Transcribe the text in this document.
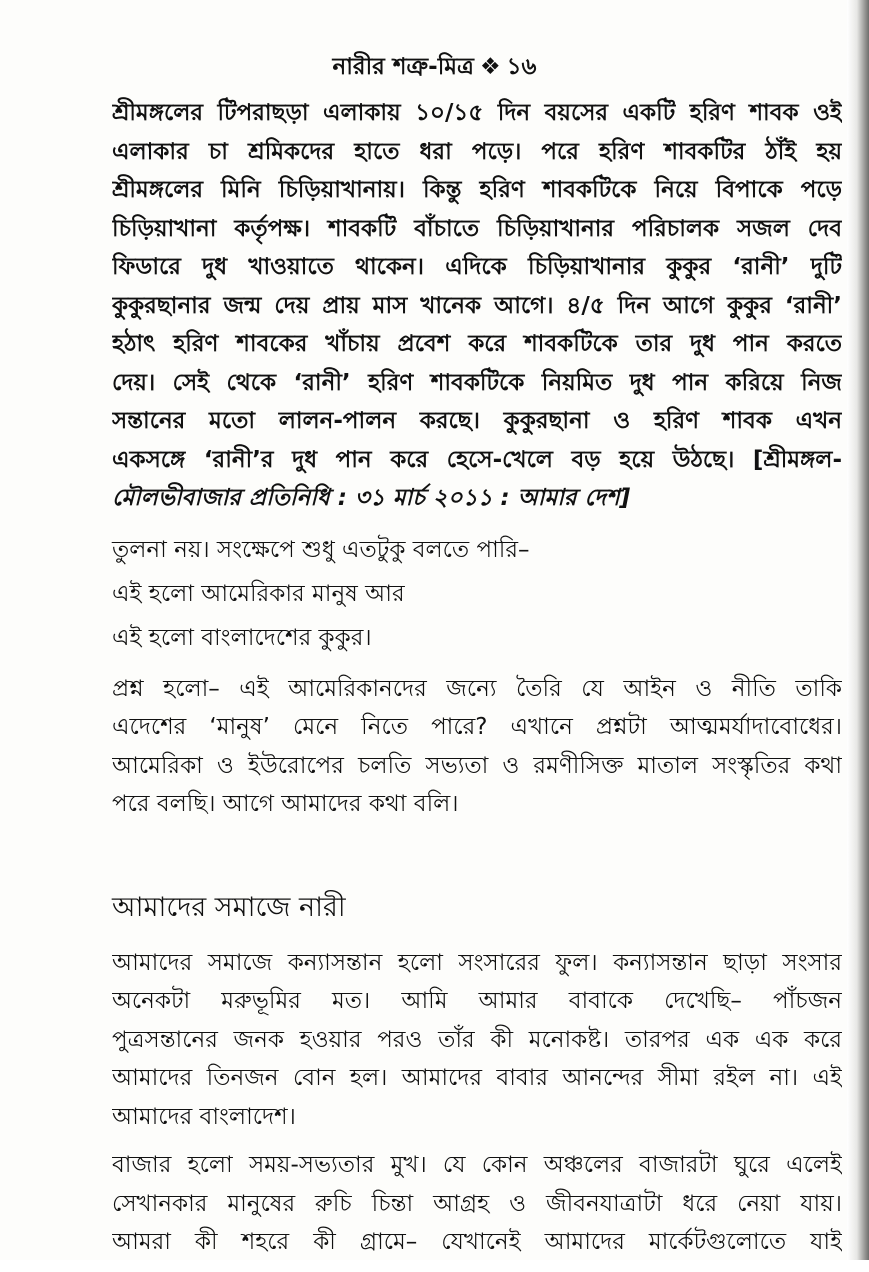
নারীর শত্রু-মিত্র ❖ ১৬
শ্রীমঙ্গলের টিপরাছড়া এলাকায় ১০/১৫ দিন বয়সের একটি হরিণ শাবক ওই
এলাকার চা শ্রমিকদের হাতে ধরা পড়ে। পরে হরিণ শাবকটির ঠাঁই হয়
শ্রীমঙ্গলের মিনি চিড়িয়াখানায়। কিন্তু হরিণ শাবকটিকে নিয়ে বিপাকে পড়ে
চিড়িয়াখানা কর্তৃপক্ষ। শাবকটি বাঁচাতে চিড়িয়াখানার পরিচালক সজল দেব
ফিডারে দুধ খাওয়াতে থাকেন। এদিকে চিড়িয়াখানার কুকুর ‘রানী’ দুটি
কুকুরছানার জন্ম দেয় প্রায় মাস খানেক আগে। ৪/৫ দিন আগে কুকুর ‘রানী’
হঠাৎ হরিণ শাবকের খাঁচায় প্রবেশ করে শাবকটিকে তার দুধ পান করতে
দেয়। সেই থেকে ‘রানী’ হরিণ শাবকটিকে নিয়মিত দুধ পান করিয়ে নিজ
সন্তানের মতো লালন-পালন করছে। কুকুরছানা ও হরিণ শাবক এখন
একসঙ্গে ‘রানী’র দুধ পান করে হেসে-খেলে বড় হয়ে উঠছে। [শ্রীমঙ্গল-
মৌলভীবাজার প্রতিনিধি : ৩১ মার্চ ২০১১ : আমার দেশ]
তুলনা নয়। সংক্ষেপে শুধু এতটুকু বলতে পারি–
এই হলো আমেরিকার মানুষ আর
এই হলো বাংলাদেশের কুকুর।
প্রশ্ন হলো– এই আমেরিকানদের জন্যে তৈরি যে আইন ও নীতি তাকি
এদেশের ‘মানুষ’ মেনে নিতে পারে? এখানে প্রশ্নটা আত্মমর্যাদাবোধের।
আমেরিকা ও ইউরোপের চলতি সভ্যতা ও রমণীসিক্ত মাতাল সংস্কৃতির কথা
পরে বলছি। আগে আমাদের কথা বলি।
আমাদের সমাজে নারী
আমাদের সমাজে কন্যাসন্তান হলো সংসারের ফুল। কন্যাসন্তান ছাড়া সংসার
অনেকটা মরুভূমির মত। আমি আমার বাবাকে দেখেছি– পাঁচজন
পুত্রসন্তানের জনক হওয়ার পরও তাঁর কী মনোকষ্ট। তারপর এক এক করে
আমাদের তিনজন বোন হল। আমাদের বাবার আনন্দের সীমা রইল না। এই
আমাদের বাংলাদেশ।
বাজার হলো সময়-সভ্যতার মুখ। যে কোন অঞ্চলের বাজারটা ঘুরে এলেই
সেখানকার মানুষের রুচি চিন্তা আগ্রহ ও জীবনযাত্রাটা ধরে নেয়া যায়।
আমরা কী শহরে কী গ্রামে– যেখানেই আমাদের মার্কেটগুলোতে যাই
